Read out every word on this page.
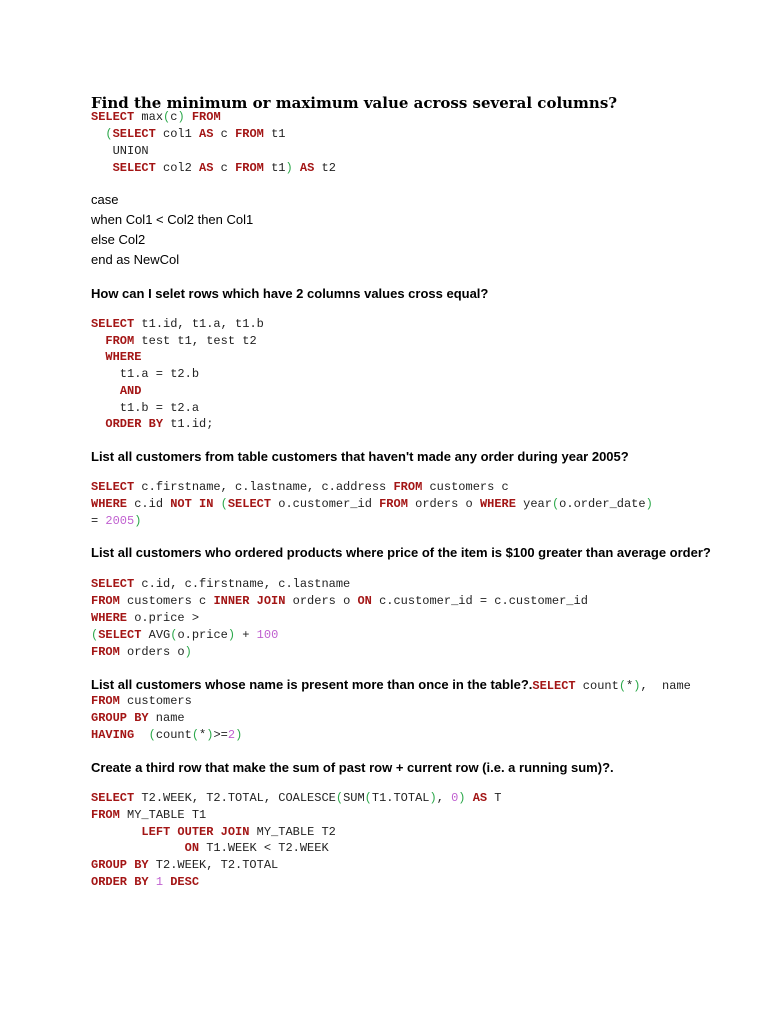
Find the minimum or maximum value across several columns?
SELECT max(c) FROM
(SELECT col1 AS c FROM t1
UNION
SELECT col2 AS c FROM t1) AS t2
case
when Col1 < Col2 then Col1
else Col2
end as NewCol
How can I selet rows which have 2 columns values cross equal?
SELECT t1.id, t1.a, t1.b
FROM test t1, test t2
WHERE
t1.a = t2.b
AND
t1.b = t2.a
ORDER BY t1.id;
List all customers from table customers that haven't made any order during year 2005?
SELECT c.firstname, c.lastname, c.address FROM customers c
WHERE c.id NOT IN (SELECT o.customer_id FROM orders o WHERE year(o.order_date)
= 2005)
List all customers who ordered products where price of the item is $100 greater than average order?
SELECT c.id, c.firstname, c.lastname
FROM customers c INNER JOIN orders o ON c.customer_id = c.customer_id
WHERE o.price >
(SELECT AVG(o.price) + 100
FROM orders o)
List all customers whose name is present more than once in the table?.SELECT count(*),  name
FROM customers
GROUP BY name
HAVING (count(*)>=2)
Create a third row that make the sum of past row + current row (i.e. a running sum)?.
SELECT T2.WEEK, T2.TOTAL, COALESCE(SUM(T1.TOTAL), 0) AS T
FROM MY_TABLE T1
LEFT OUTER JOIN MY_TABLE T2
ON T1.WEEK < T2.WEEK
GROUP BY T2.WEEK, T2.TOTAL
ORDER BY 1 DESC
